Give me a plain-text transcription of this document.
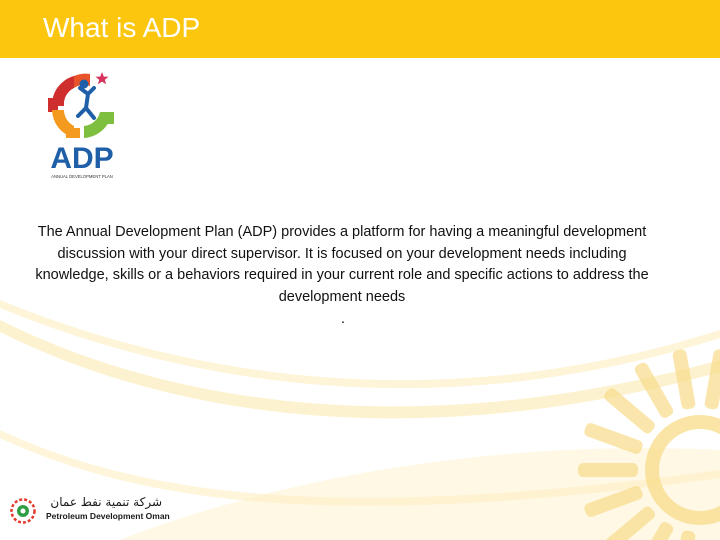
What is ADP
ADP
ANNUAL DEVELOPMENT PLAN
The Annual Development Plan (ADP) provides a platform for having a meaningful development discussion with your direct supervisor. It is focused on your development needs including knowledge, skills or a behaviors required in your current role and specific actions to address the development needs
.
شركة تنمية نفط عمان
Petroleum Development Oman
